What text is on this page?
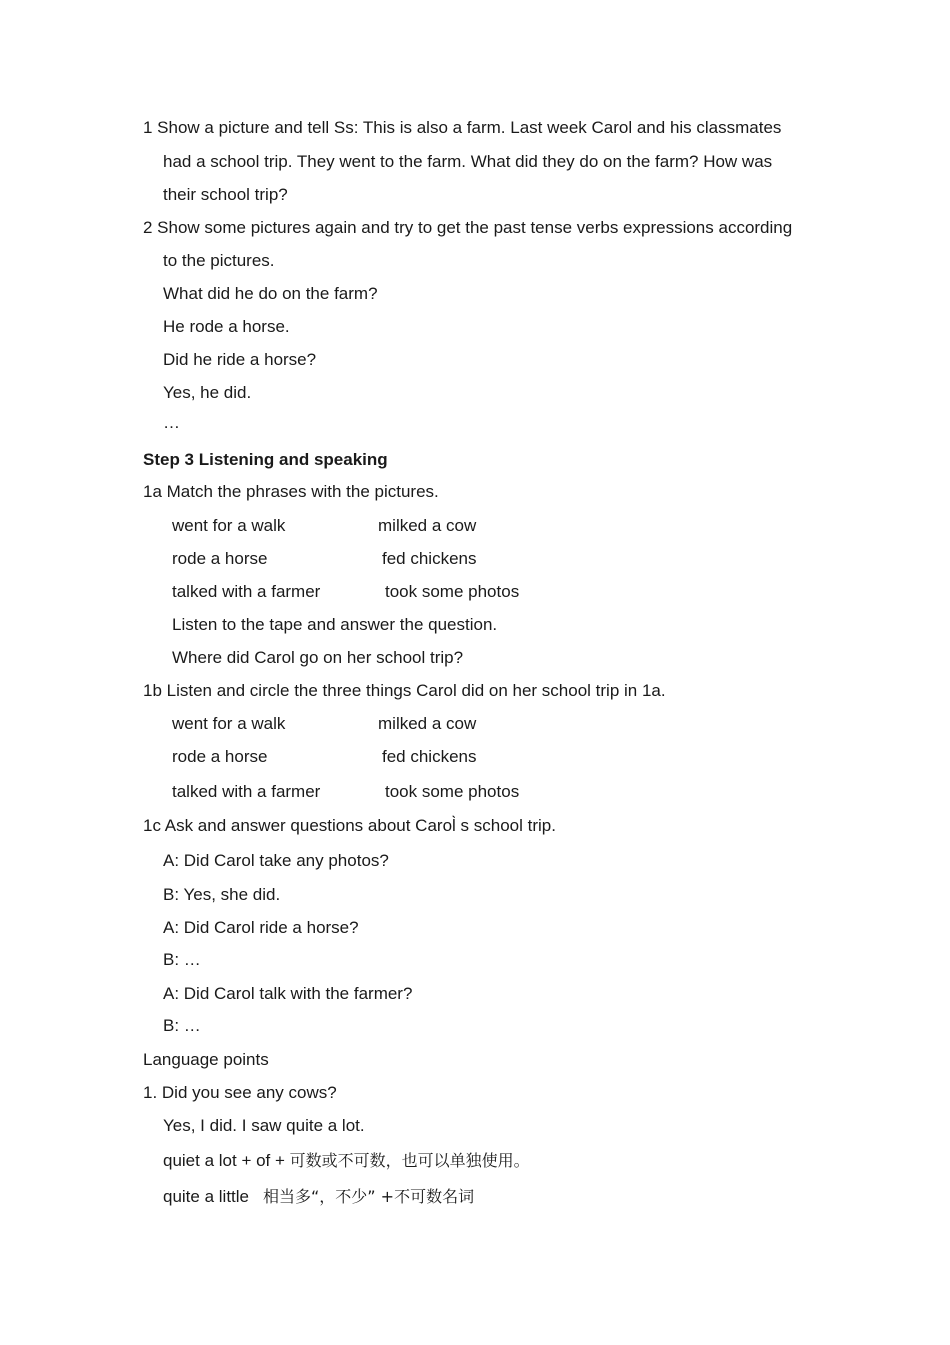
1 Show a picture and tell Ss: This is also a farm. Last week Carol and his classmates
had a school trip. They went to the farm. What did they do on the farm? How was
their school trip?
2 Show some pictures again and try to get the past tense verbs expressions according
to the pictures.
What did he do on the farm?
He rode a horse.
Did he ride a horse?
Yes, he did.
…
Step 3 Listening and speaking
1a Match the phrases with the pictures.
went for a walk	milked a cow
rode a horse	fed chickens
talked with a farmer	took some photos
Listen to the tape and answer the question.
Where did Carol go on her school trip?
1b Listen and circle the three things Carol did on her school trip in 1a.
went for a walk	milked a cow
rode a horse	fed chickens
talked with a farmer	took some photos
1c Ask and answer questions about Carol̀ s school trip.
A: Did Carol take any photos?
B: Yes, she did.
A: Did Carol ride a horse?
B: …
A: Did Carol talk with the farmer?
B: …
Language points
1. Did you see any cows?
Yes, I did. I saw quite a lot.
quiet a lot + of + 可数或不可数，也可以单独使用。
quite a little 相当多“，不少” +不可数名词
